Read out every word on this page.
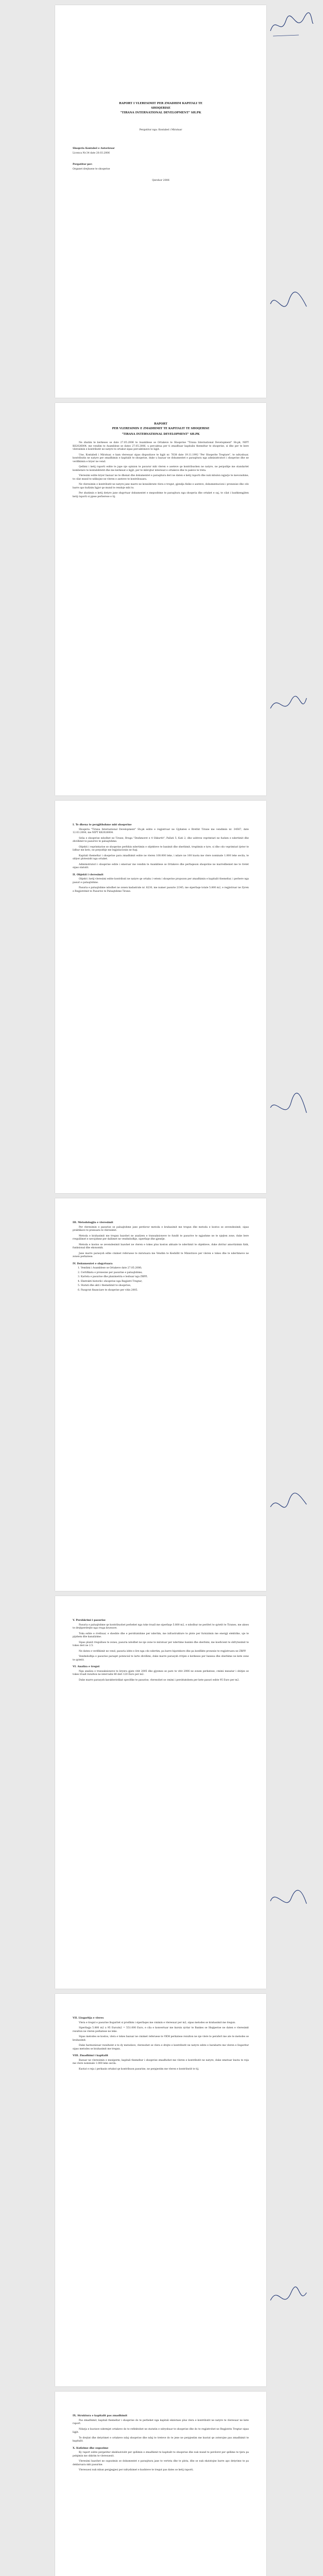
RAPORT I VLERESIMIT PER ZMADHIM KAPITALI TE
SHOQERISE
"TIRANA INTERNATIONAL DEVELOPMENT" SH.PK
Pergatitur nga: Kontabel i Miratuar
Shoqeria Kontabel e Autorizuar
Licenca Nr.34 date 20.03.2006
Pergatitur per:
Organet drejtuese te shoqerise
Qershor 2006
RAPORT
PER VLERESIMIN E ZMADHIMIT TE KAPITALIT TE SHOQERISE
"TIRANA INTERNATIONAL DEVELOPMENT" SH.PK

Ne zbatim te kerkeses se date 27.05.2006 te Asamblese se Ortakeve te Shoqerise "Tirana International Development" Sh.pk, NIPT K62026004, me vendim te Asamblese se dates 27.05.2006, u percaktua per ti zmadhuar kapitalin themeltar te shoqerise, si dhe per te bere vleresimin e kontributit ne natyre te ortakut sipas percaktimeve te ligjit.

Une, Kontabeli i Miratuar, e kam vleresuar sipas dispozitave te ligjit nr. 7638 date 19.11.1992 "Per Shoqerite Tregtare", te ndryshuar, kontributin ne natyre per zmadhimin e kapitalit te shoqerise, duke u bazuar ne dokumentet e paraqitura nga administratori i shoqerise dhe ne verifikimin e kryer ne vend.

Qellimi i ketij raporti eshte te jape nje opinion te pavarur mbi vleren e aseteve qe kontribuohen ne natyre, ne perputhje me standartet kombetare te kontabilitetit dhe me kerkesat e ligjit, per te mbrojtur interesat e ortakeve dhe te paleve te treta.

Vleresimi eshte kryer bazuar ne te dhenat dhe dokumentet e paraqitura deri ne daten e ketij raporti dhe nuk mbulon ngjarje te mevonshme, te cilat mund te ndikojne ne vleren e aseteve te kontribuuara.

Ne vleresimin e kontributit ne natyre jane marre ne konsiderate vlera e tregut, gjendja fizike e aseteve, dokumentacioni i pronesise dhe cdo barre apo kufizim ligjor qe mund te rendoje mbi to.

Per zbatimin e ketij detyre jane shqyrtuar dokumentet e meposhtme te paraqitura nga shoqeria dhe ortaket e saj, te cilat i bashkengjiten ketij raporti si pjese perberese e tij.

I. Te dhena te pergjithshme mbi shoqerine

Shoqeria "Tirana International Development" Sh.pk eshte e regjistruar ne Gjykaten e Rrethit Tirane me vendimin nr. 34567, date 12.03.2004, me NIPT K62026004.

Selia e shoqerise ndodhet ne Tirane, Rruga "Deshmoret e 4 Shkurtit", Pallati 5, Kati 2, dhe ushtron veprimtari ne fushen e ndertimit dhe zhvillimit te pasurive te paluajtshme.

Objekti i veprimtarise se shoqerise perfshin ndertimin e objekteve te banimit dhe sherbimit, tregtimin e tyre, si dhe cdo veprimtari tjeter te lidhur me keto, ne perputhje me legjislacionin ne fuqi.

Kapitali themeltar i shoqerise para zmadhimit eshte ne vleren 100.000 leke, i ndare ne 100 kuota me vlere nominale 1.000 leke secila, te shlyer plotesisht nga ortaket.

Administratori i shoqerise eshte i emeruar me vendim te Asamblese se Ortakeve dhe perfaqeson shoqerine ne marredheniet me te tretet sipas statutit.

II. Objekti i vleresimit

Objekt i ketij vleresimi eshte kontributi ne natyre qe ortaku i vetem i shoqerise propozon per zmadhimin e kapitalit themeltar, i perbere nga pasuri e paluajtshme.

Pasuria e paluajtshme ndodhet ne zonen kadastrale nr. 8230, me numer pasurie 2/345, me siperfaqe totale 5.800 m2, e regjistruar ne Zyren e Regjistrimit te Pasurive te Paluajtshme Tirane.

III. Metodologjia e vleresimit

Per vleresimin e pasurise se paluajtshme jane perdorur metoda e krahasimit me tregun dhe metoda e kostos se zevendesimit, sipas praktikave te pranuara te vleresimit.

Metoda e krahasimit me tregun bazohet ne analizen e transaksioneve te fundit te pasurive te ngjashme ne te njejten zone, duke bere rregullimet e nevojshme per dallimet ne vendndodhje, siperfaqe dhe gjendje.

Metoda e kostos se zevendesimit bazohet ne vleren e tokes plus koston aktuale te ndertimit te objekteve, duke zbritur amortizimin fizik, funksional dhe ekonomik.

Jane marre parasysh edhe cmimet referuese te miratuara me Vendim te Keshillit te Ministrave per vleren e tokes dhe te ndertimeve ne zonen perkatese.

IV. Dokumentet e shqyrtuara

1. Vendimi i Asamblese se Ortakeve date 27.05.2006;

2. Certifikata e pronesise per pasurine e paluajtshme;

3. Kartela e pasurise dhe planimetria e leshuar nga ZRPP;

4. Ekstrakti historik i shoqerise nga Regjistri Tregtar;

5. Statuti dhe akti i themelimit te shoqerise;

6. Pasqyrat financiare te shoqerise per vitin 2005.

V. Pershkrimi i pasurise

Pasuria e paluajtshme qe kontribuohet perbehet nga toke truall me siperfaqe 5.800 m2, e ndodhur ne periferi te qytetit te Tiranes, me akses te drejtperdrejte nga rruga kryesore.

Toka eshte e rrethuar, e sheshte dhe e pershtatshme per ndertim, me infrastrukture te plote per furnizimin me energji elektrike, uje te pijshem dhe kanalizime.

Sipas planit rregullues te zones, pasuria ndodhet ne nje zone te miratuar per ndertime banimi dhe sherbimi, me koeficient te shfrytezimit te tokes deri ne 2.5.

Ne daten e verifikimit ne vend, pasuria ishte e lire nga cdo ndertim, pa barre hipotekore dhe pa konflikte pronesie te regjistruara ne ZRPP.

Vendndodhja e pasurise paraqet potencial te larte zhvillimi, duke marre parasysh rritjen e kerkeses per banesa dhe sherbime ne kete zone te qytetit.

VI. Analiza e tregut

Nga analiza e transaksioneve te kryera gjate vitit 2005 dhe gjysmes se pare te vitit 2006 ne zonen perkatese, cmimi mesatar i shitjes se tokes truall rezulton ne intervalin 80 deri 120 Euro per m2.

Duke marre parasysh karakteristikat specifike te pasurise, vleresohet se cmimi i pershtatshem per kete pasuri eshte 95 Euro per m2.

VII. Llogaritja e vleres

Vlera e tregut e pasurise llogaritet si prodhim i siperfaqes me cmimin e vleresuar per m2, sipas metodes se krahasimit me tregun.

Siperfaqja 5.800 m2 x 95 Euro/m2 = 551.000 Euro, e cila e konvertuar me kursin zyrtar te Bankes se Shqiperise ne daten e vleresimit rezulton ne vleren perkatese ne leke.

Sipas metodes se kostos, vlera e tokes bazuar ne cmimet referuese te VKM perkatese rezulton ne nje vlere te perafert me ate te metodes se krahasimit.

Duke harmonizuar rezultatet e te dy metodave, vleresohet se vlera e drejte e kontributit ne natyre eshte e barabarte me vleren e llogaritur sipas metodes se krahasimit me tregun.

VIII. Zmadhimi i kapitalit

Bazuar ne vleresimin e mesiperm, kapitali themeltar i shoqerise zmadhohet me vleren e kontributit ne natyre, duke emetuar kuota te reja me vlere nominale 1.000 leke secila.

Kuotat e reja i perkasin ortakut qe kontribuon pasurine, ne perpjestim me vleren e kontributit te tij.

IX. Struktura e kapitalit pas zmadhimit

Pas zmadhimit, kapitali themeltar i shoqerise do te perbehet nga kapitali ekzistues plus vlera e kontributit ne natyre te vleresuar ne kete raport.

Ndarja e kuotave ndermjet ortakeve do te reflektohet ne statutin e ndryshuar te shoqerise dhe do te regjistrohet ne Regjistrin Tregtar sipas ligjit.

Te drejtat dhe detyrimet e ortakeve ndaj shoqerise dhe ndaj te treteve do te jene ne perpjestim me kuotat qe zoterojne pas zmadhimit te kapitalit.

X. Kufizime dhe supozime

Ky raport eshte pergatitur ekskluzivisht per qellimin e zmadhimit te kapitalit te shoqerise dhe nuk mund te perdoret per qellime te tjera pa pelqimin me shkrim te vleresuesit.

Vleresimi bazohet ne supozimin se dokumentet e paraqitura jane te verteta dhe te plota, dhe se nuk ekzistojne barre apo detyrime te pa deklaruara mbi pasurine.

Vleresuesi nuk mban pergjegjesi per ndryshimet e kushteve te tregut pas dates se ketij raporti.
